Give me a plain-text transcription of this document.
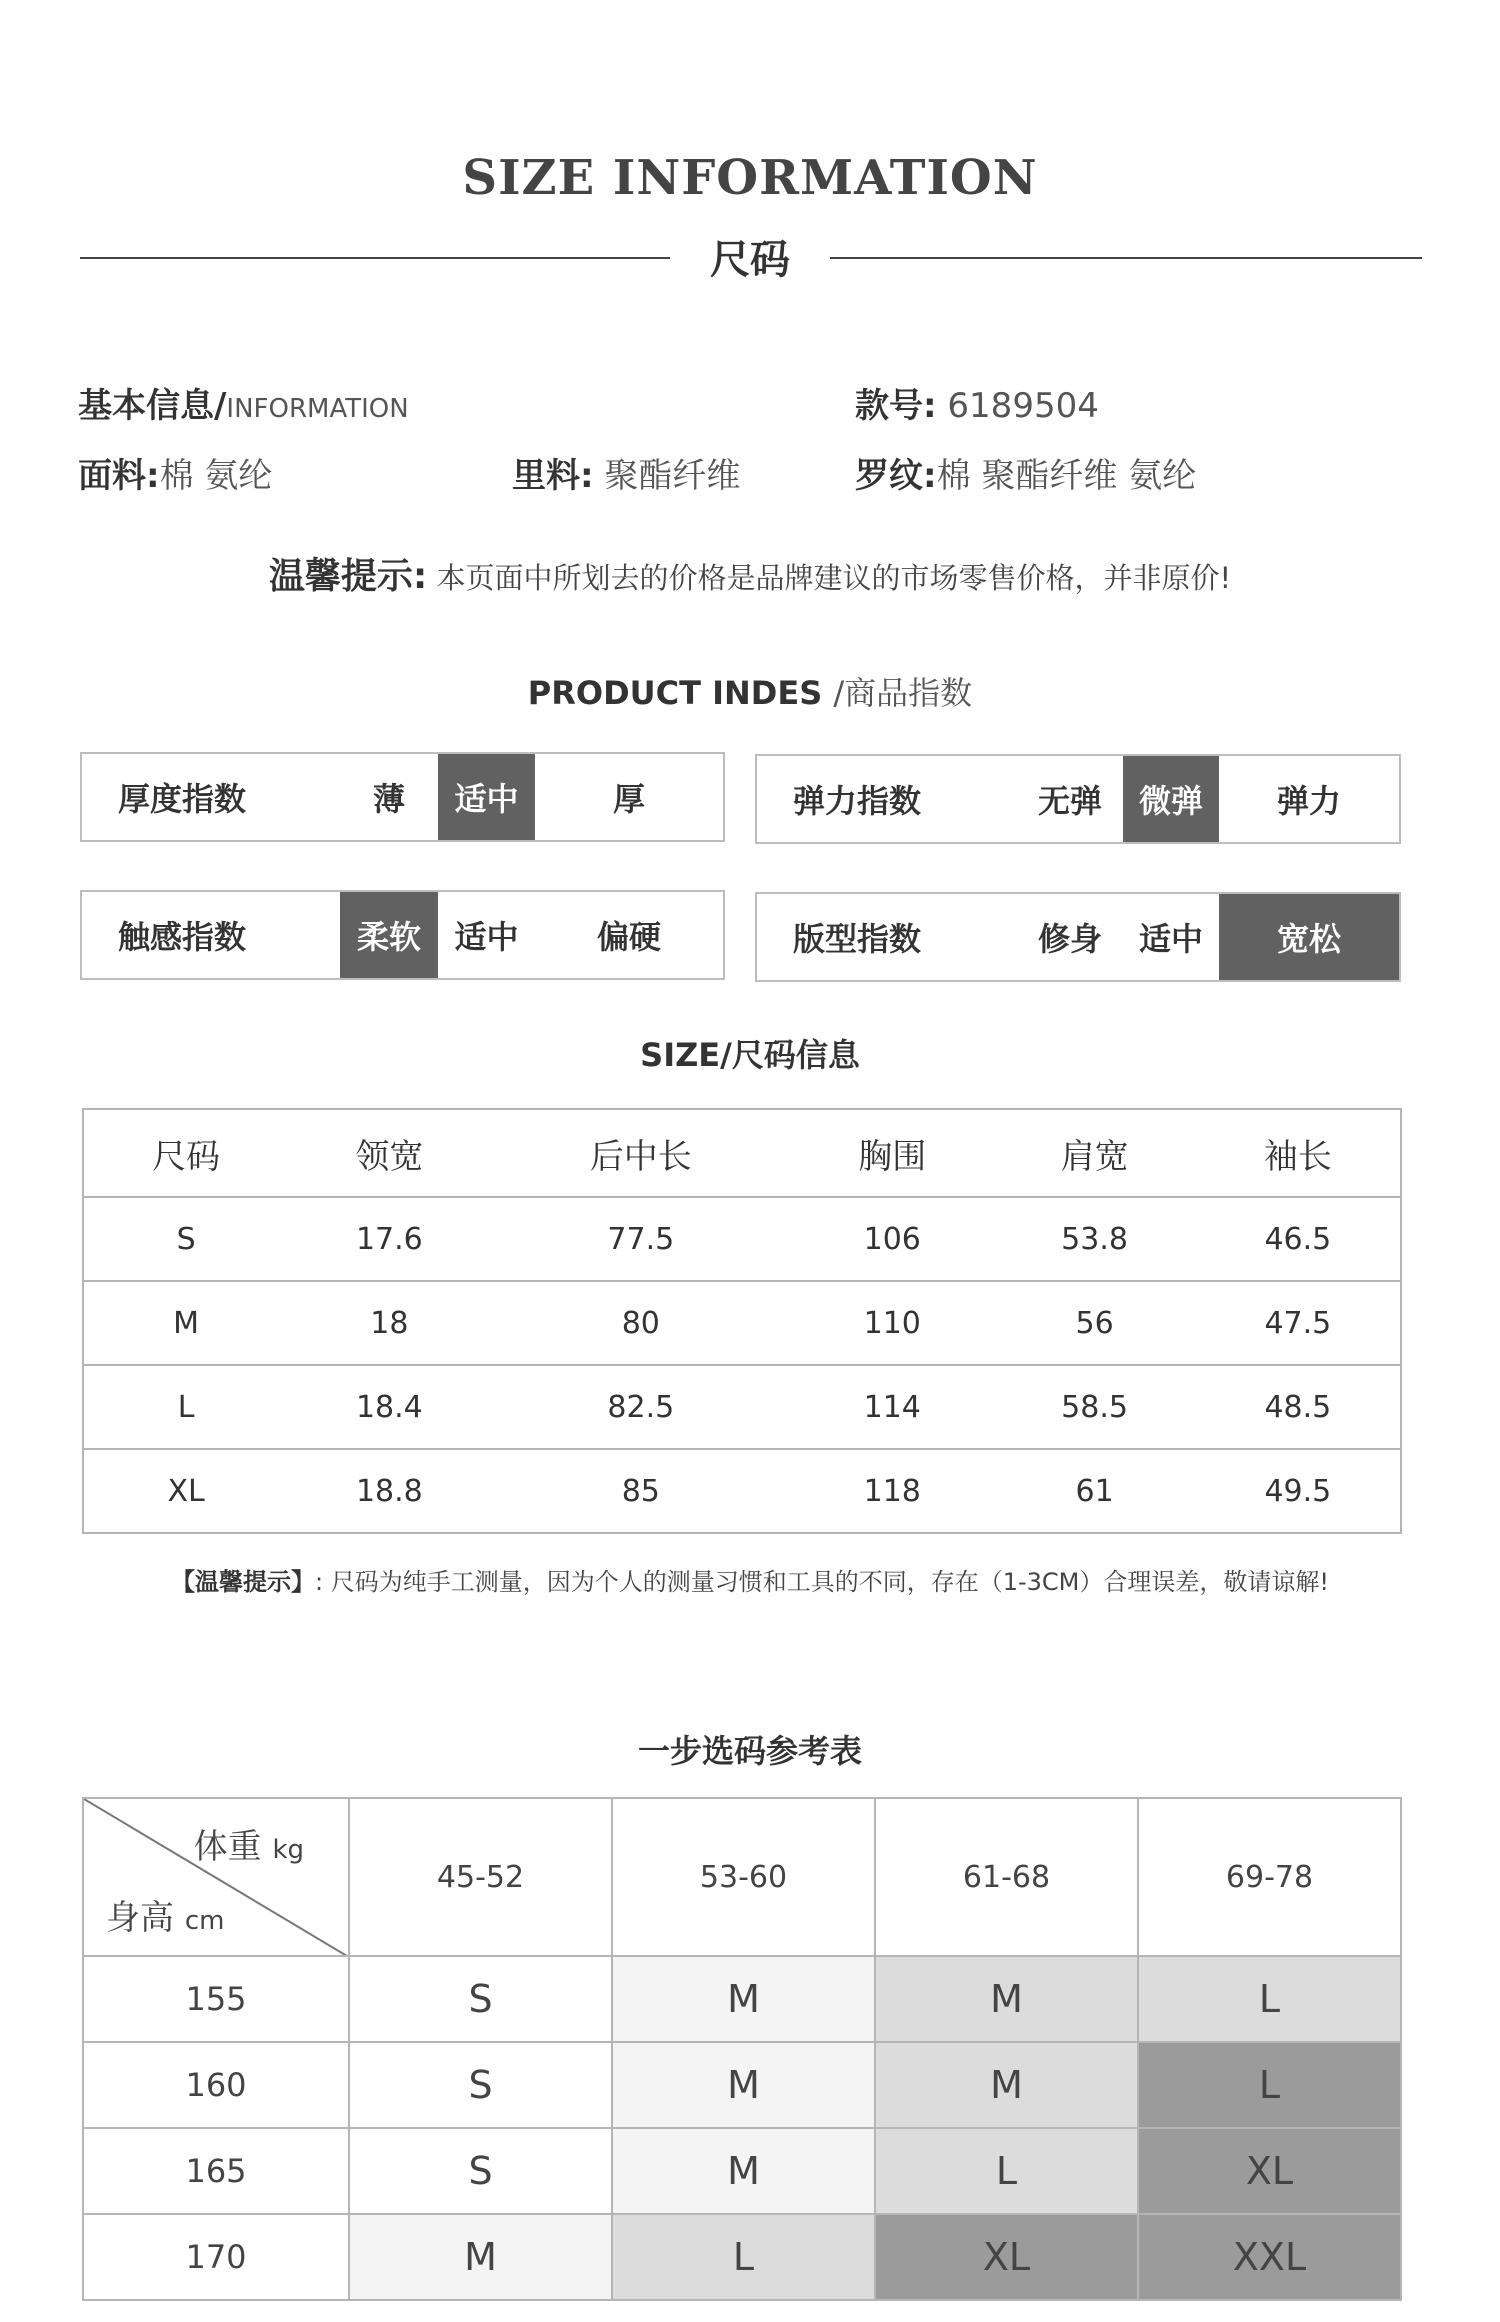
SIZE INFORMATION
尺码
基本信息/INFORMATION	款号: 6189504
面料:棉 氨纶	里料: 聚酯纤维	罗纹:棉 聚酯纤维 氨纶
温馨提示: 本页面中所划去的价格是品牌建议的市场零售价格，并非原价!
PRODUCT INDES /商品指数
厚度指数	薄	适中	厚	弹力指数	无弹	微弹	弹力
触感指数	柔软	适中	偏硬	版型指数	修身	适中	宽松
SIZE/尺码信息
尺码	领宽	后中长	胸围	肩宽	袖长
S	17.6	77.5	106	53.8	46.5
M	18	80	110	56	47.5
L	18.4	82.5	114	58.5	48.5
XL	18.8	85	118	61	49.5
【温馨提示】: 尺码为纯手工测量，因为个人的测量习惯和工具的不同，存在（1-3CM）合理误差，敬请谅解!
一步选码参考表
体重 kg
身高 cm	45-52	53-60	61-68	69-78
155	S	M	M	L
160	S	M	M	L
165	S	M	L	XL
170	M	L	XL	XXL
